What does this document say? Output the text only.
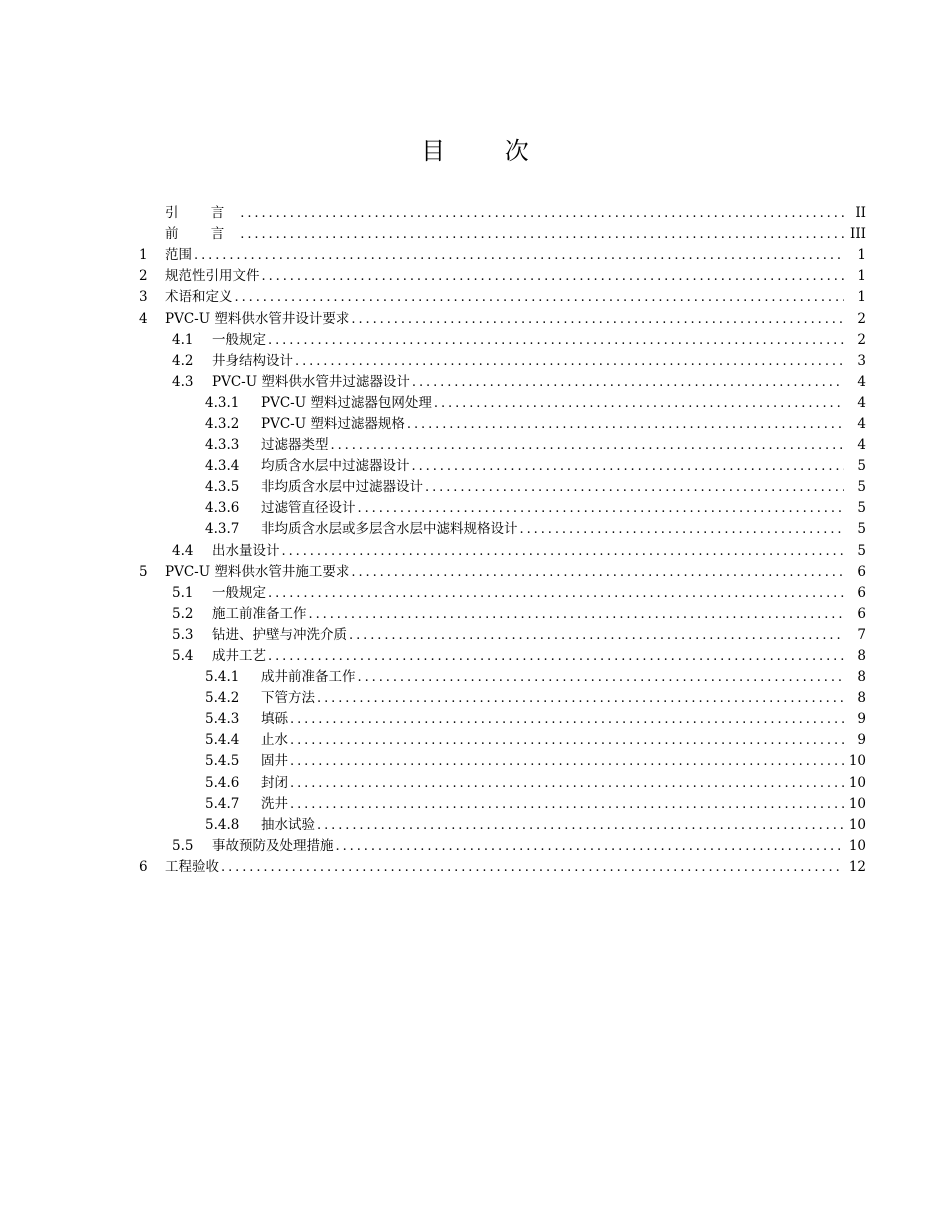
目 次
引 言 . . .	II
前 言 . . .	III
1	范围 . . .	1
2	规范性引用文件 . . .	1
3	术语和定义 . . .	1
4	PVC-U 塑料供水管井设计要求 . . .	2
4.1	一般规定 . . .	2
4.2	井身结构设计 . . .	3
4.3	PVC-U 塑料供水管井过滤器设计 . . .	4
4.3.1	PVC-U 塑料过滤器包网处理 . . .	4
4.3.2	PVC-U 塑料过滤器规格 . . .	4
4.3.3	过滤器类型 . . .	4
4.3.4	均质含水层中过滤器设计 . . .	5
4.3.5	非均质含水层中过滤器设计 . . .	5
4.3.6	过滤管直径设计 . . .	5
4.3.7	非均质含水层或多层含水层中滤料规格设计 . . .	5
4.4	出水量设计 . . .	5
5	PVC-U 塑料供水管井施工要求 . . .	6
5.1	一般规定 . . .	6
5.2	施工前准备工作 . . .	6
5.3	钻进、护壁与冲洗介质 . . .	7
5.4	成井工艺 . . .	8
5.4.1	成井前准备工作 . . .	8
5.4.2	下管方法 . . .	8
5.4.3	填砾 . . .	9
5.4.4	止水 . . .	9
5.4.5	固井 . . .	10
5.4.6	封闭 . . .	10
5.4.7	洗井 . . .	10
5.4.8	抽水试验 . . .	10
5.5	事故预防及处理措施 . . .	10
6	工程验收 . . .	12
